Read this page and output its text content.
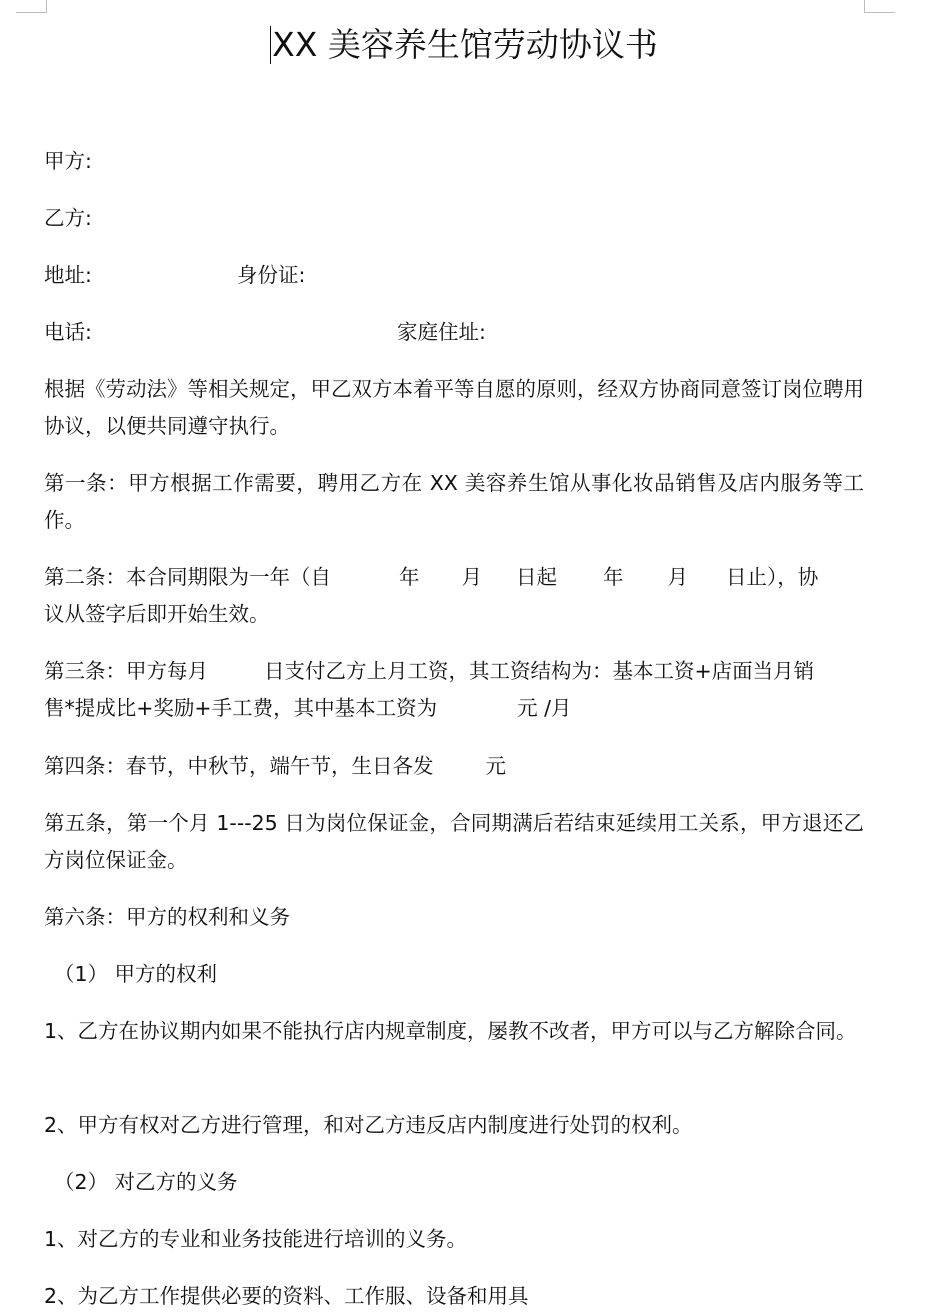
XX 美容养生馆劳动协议书
甲方:
乙方:
地址:	身份证:
电话:	家庭住址:
根据《劳动法》等相关规定，甲乙双方本着平等自愿的原则，经双方协商同意签订岗位聘用协议，以便共同遵守执行。
第一条：甲方根据工作需要，聘用乙方在 XX 美容养生馆从事化妆品销售及店内服务等工作。
第二条：本合同期限为一年（自	年 月 日起 年 月 日止），协
议从签字后即开始生效。
第三条：甲方每月	日支付乙方上月工资，其工资结构为：基本工资+店面当月销
售*提成比+奖励+手工费，其中基本工资为	元 /月
第四条：春节，中秋节，端午节，生日各发	元
第五条，第一个月 1---25 日为岗位保证金，合同期满后若结束延续用工关系，甲方退还乙方岗位保证金。
第六条：甲方的权利和义务
（1） 甲方的权利
1、乙方在协议期内如果不能执行店内规章制度，屡教不改者，甲方可以与乙方解除合同。
2、甲方有权对乙方进行管理，和对乙方违反店内制度进行处罚的权利。
（2） 对乙方的义务
1、对乙方的专业和业务技能进行培训的义务。
2、为乙方工作提供必要的资料、工作服、设备和用具
